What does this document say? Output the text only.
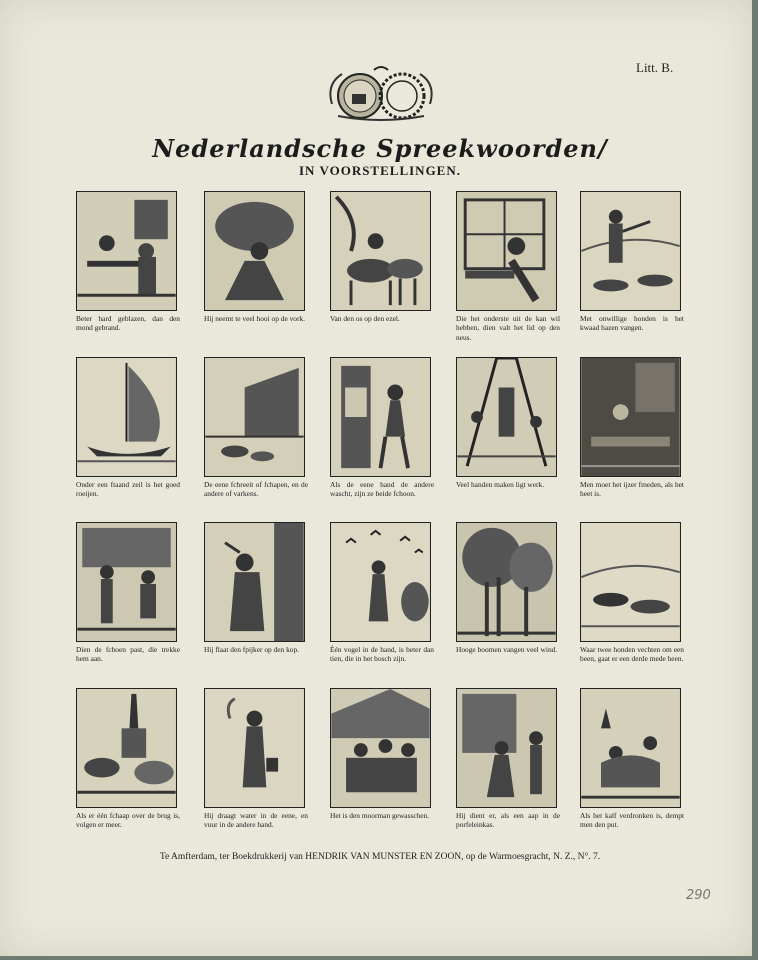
Litt. B.
Nederlandsche Spreekwoorden/
IN VOORSTELLINGEN.
Beter hard geblazen, dan den mond gebrand.
Hij neemt te veel hooi op de vork.	Van den os op den ezel.	Die het onderste uit de kan wil hebben, dien valt het lid op den neus.
Met onwillige honden is het kwaad hazen vangen.
Onder een ftaand zeil is het goed roeijen.
De eene fchreeit of fchapen, en de andere of varkens.
Als de eene hand de andere wascht, zijn ze beide fchoon.
Veel handen maken ligt werk.	Men moet het ijzer fmeden, als het heet is.
Dien de fchoen past, die trekke hem aan.
Hij flaat den fpijker op den kop.	Één vogel in de hand, is beter dan tien, die in het bosch zijn.
Hooge boomen vangen veel wind.	Waar twee honden vechten om een been, gaat er een derde mede heen.
Als er één fchaap over de brug is, volgen er meer.
Hij draagt water in de eene, en vuur in de andere hand.
Het is den moorman gewasschen.	Hij dient er, als een aap in de porfeleinkas.
Als het kalf verdronken is, dempt men den put.
Te Amfterdam, ter Boekdrukkerij van HENDRIK VAN MUNSTER EN ZOON, op de Warmoesgracht, N. Z., N°. 7.
290
